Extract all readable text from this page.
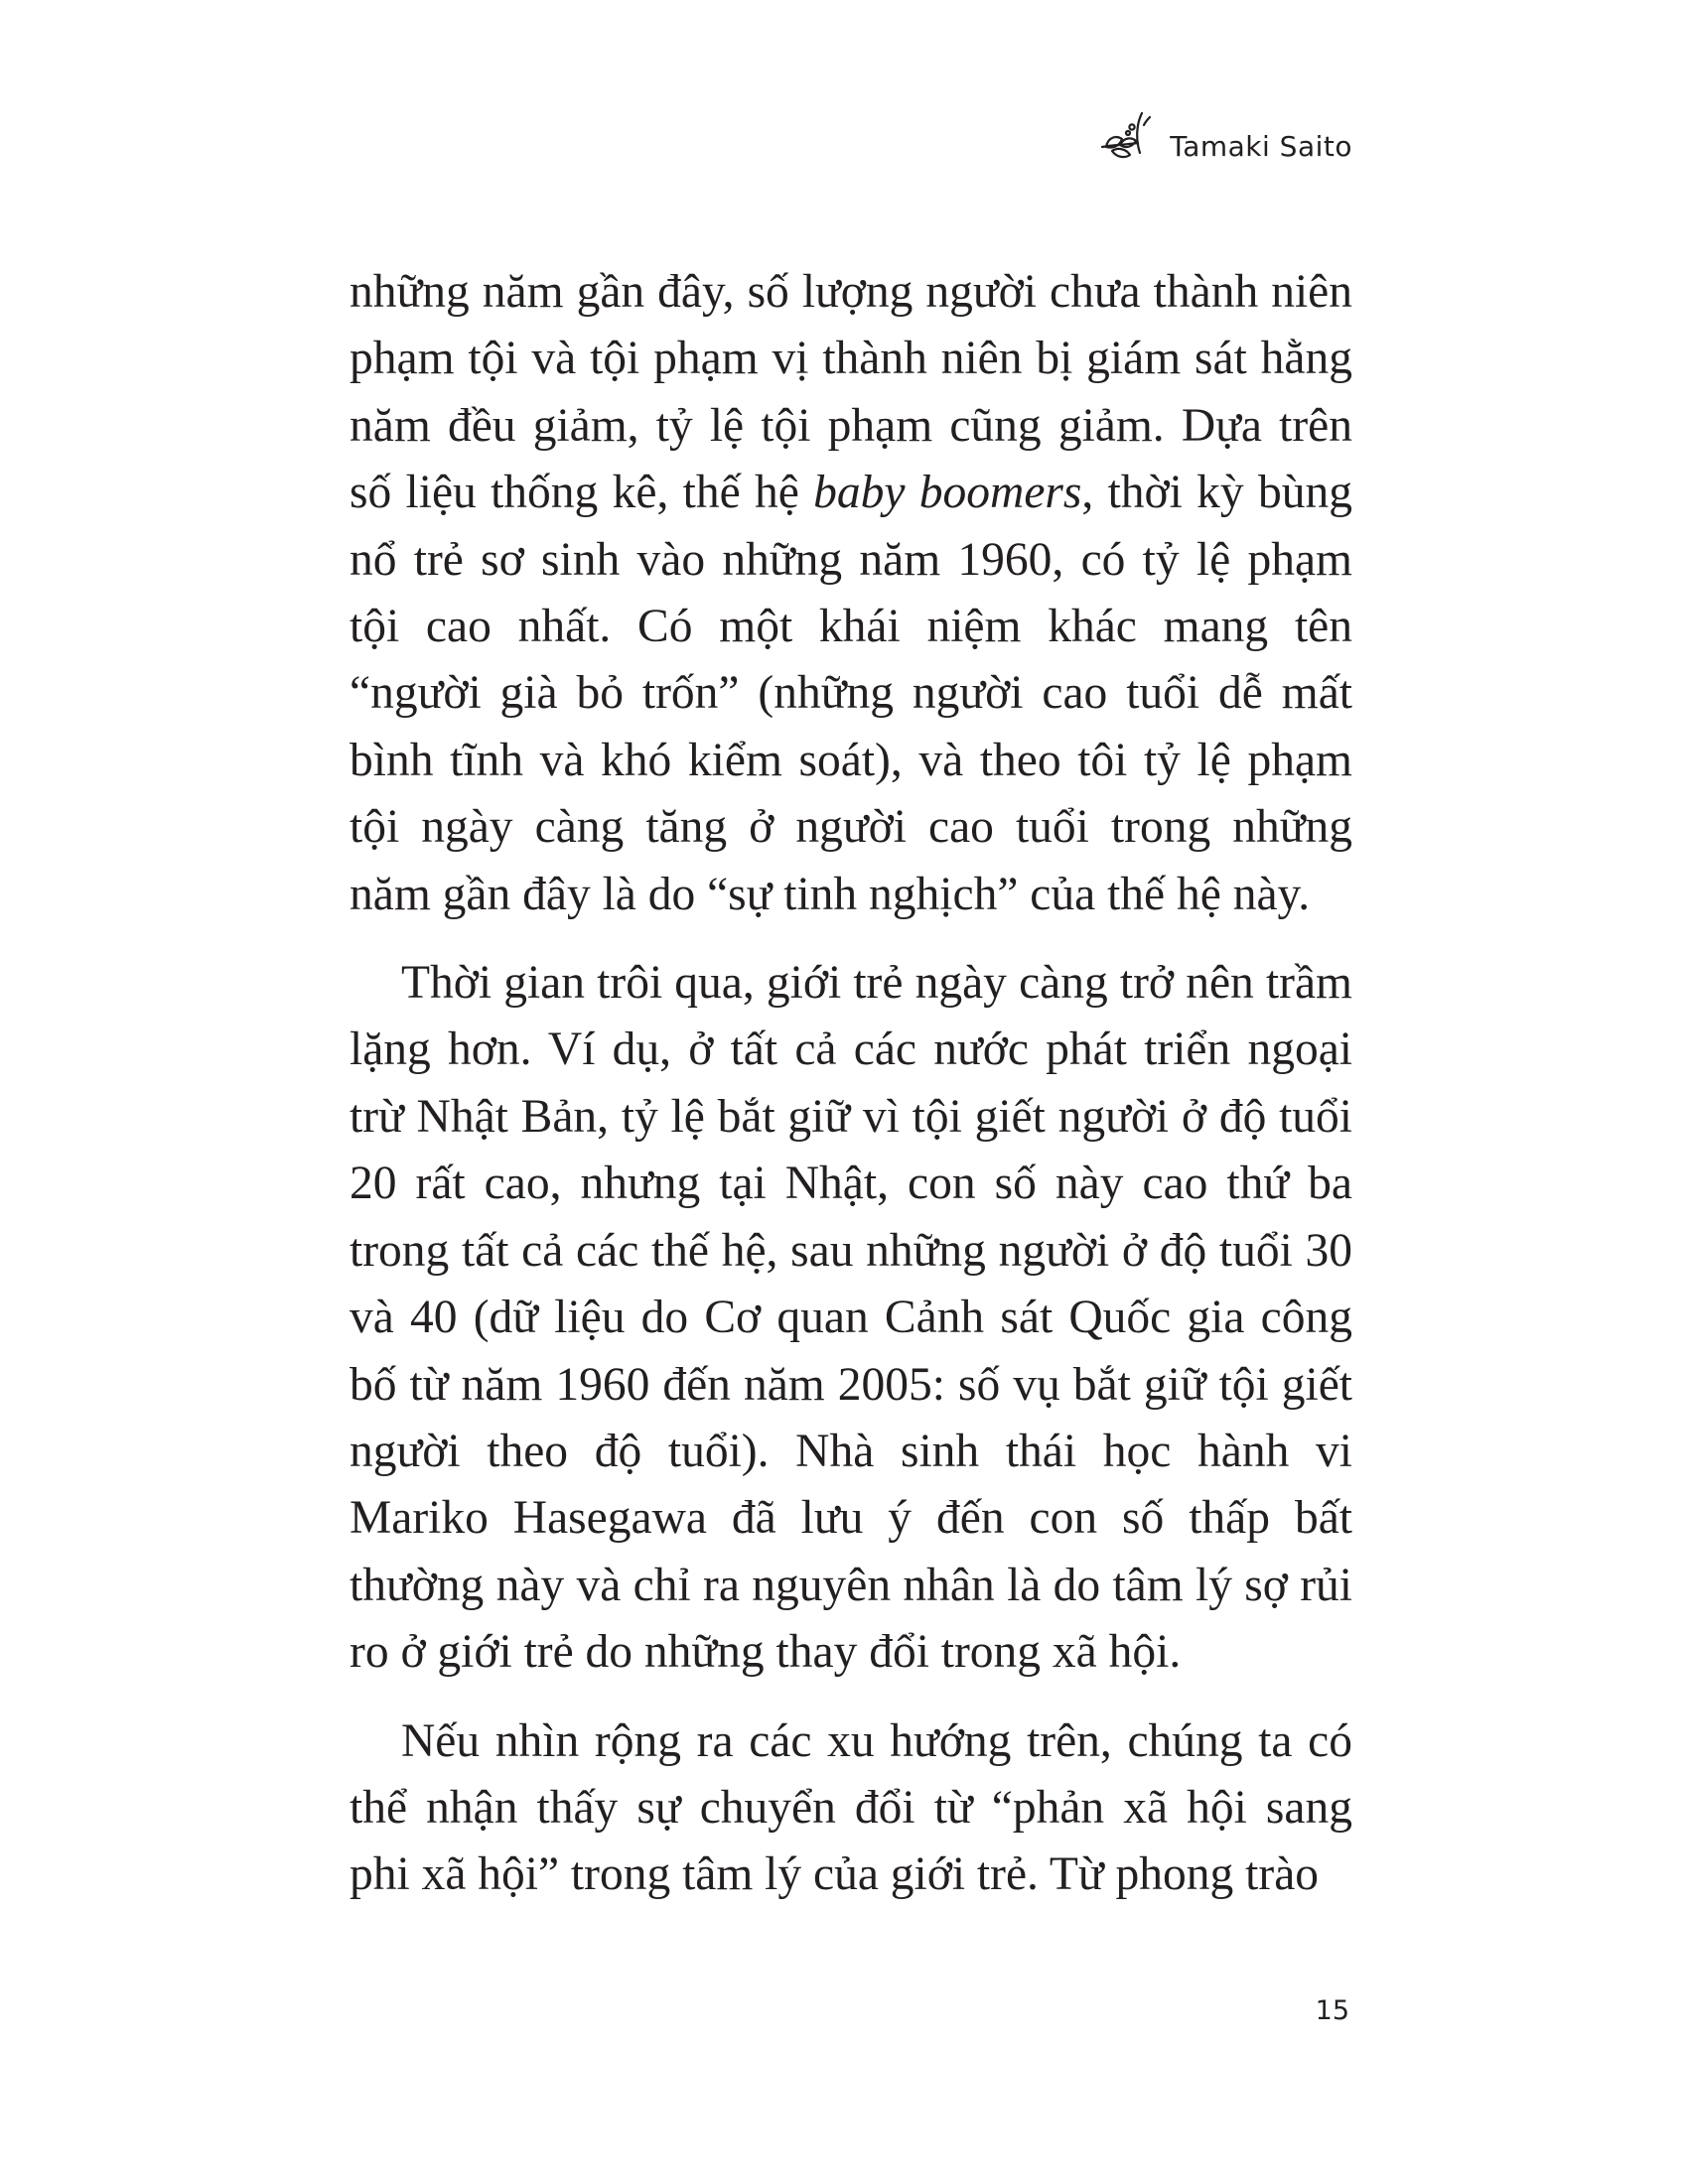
Tamaki Saito

những năm gần đây, số lượng người chưa thành niên phạm tội và tội phạm vị thành niên bị giám sát hằng năm đều giảm, tỷ lệ tội phạm cũng giảm. Dựa trên số liệu thống kê, thế hệ baby boomers, thời kỳ bùng nổ trẻ sơ sinh vào những năm 1960, có tỷ lệ phạm tội cao nhất. Có một khái niệm khác mang tên “người già bỏ trốn” (những người cao tuổi dễ mất bình tĩnh và khó kiểm soát), và theo tôi tỷ lệ phạm tội ngày càng tăng ở người cao tuổi trong những năm gần đây là do “sự tinh nghịch” của thế hệ này.

Thời gian trôi qua, giới trẻ ngày càng trở nên trầm lặng hơn. Ví dụ, ở tất cả các nước phát triển ngoại trừ Nhật Bản, tỷ lệ bắt giữ vì tội giết người ở độ tuổi 20 rất cao, nhưng tại Nhật, con số này cao thứ ba trong tất cả các thế hệ, sau những người ở độ tuổi 30 và 40 (dữ liệu do Cơ quan Cảnh sát Quốc gia công bố từ năm 1960 đến năm 2005: số vụ bắt giữ tội giết người theo độ tuổi). Nhà sinh thái học hành vi Mariko Hasegawa đã lưu ý đến con số thấp bất thường này và chỉ ra nguyên nhân là do tâm lý sợ rủi ro ở giới trẻ do những thay đổi trong xã hội.

Nếu nhìn rộng ra các xu hướng trên, chúng ta có thể nhận thấy sự chuyển đổi từ “phản xã hội sang phi xã hội” trong tâm lý của giới trẻ. Từ phong trào

15
